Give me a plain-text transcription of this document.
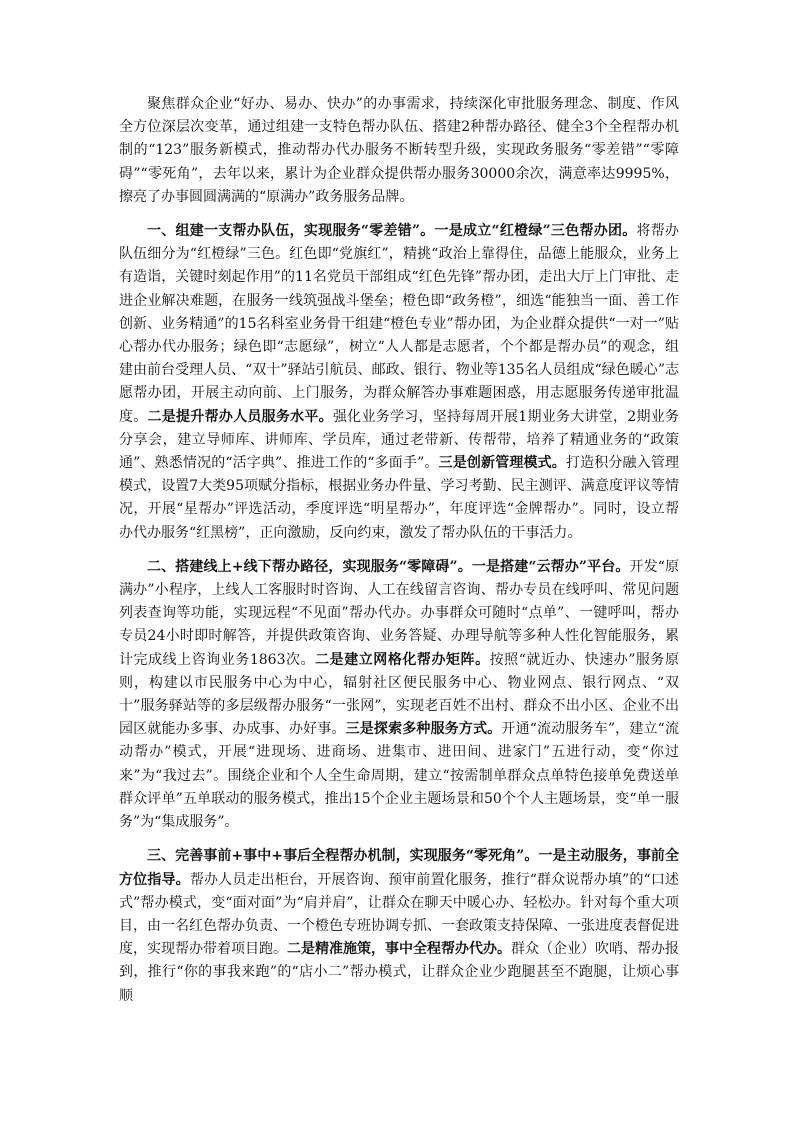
聚焦群众企业“好办、易办、快办”的办事需求，持续深化审批服务理念、制度、作风全方位深层次变革，通过组建一支特色帮办队伍、搭建2种帮办路径、健全3个全程帮办机制的“123”服务新模式，推动帮办代办服务不断转型升级，实现政务服务“零差错”“零障碍”“零死角”，去年以来，累计为企业群众提供帮办服务30000余次，满意率达9995%，擦亮了办事圆圆满满的“原满办”政务服务品牌。

一、组建一支帮办队伍，实现服务“零差错”。一是成立“红橙绿”三色帮办团。将帮办队伍细分为“红橙绿”三色。红色即“党旗红”，精挑“政治上靠得住，品德上能服众，业务上有造诣，关键时刻起作用”的11名党员干部组成“红色先锋”帮办团，走出大厅上门审批、走进企业解决难题，在服务一线筑强战斗堡垒；橙色即“政务橙”，细选“能独当一面、善工作创新、业务精通”的15名科室业务骨干组建“橙色专业”帮办团，为企业群众提供“一对一”贴心帮办代办服务；绿色即“志愿绿”，树立“人人都是志愿者，个个都是帮办员”的观念，组建由前台受理人员、“双十”驿站引航员、邮政、银行、物业等135名人员组成“绿色暖心”志愿帮办团，开展主动向前、上门服务，为群众解答办事难题困惑，用志愿服务传递审批温度。二是提升帮办人员服务水平。强化业务学习，坚持每周开展1期业务大讲堂，2期业务分享会，建立导师库、讲师库、学员库，通过老带新、传帮带，培养了精通业务的“政策通”、熟悉情况的“活字典”、推进工作的“多面手”。三是创新管理模式。打造积分融入管理模式，设置7大类95项赋分指标，根据业务办件量、学习考勤、民主测评、满意度评议等情况，开展“星帮办”评选活动，季度评选“明星帮办”，年度评选“金牌帮办”。同时，设立帮办代办服务“红黑榜”，正向激励，反向约束，激发了帮办队伍的干事活力。

二、搭建线上+线下帮办路径，实现服务“零障碍”。一是搭建“云帮办”平台。开发“原满办”小程序，上线人工客服时时咨询、人工在线留言咨询、帮办专员在线呼叫、常见问题列表查询等功能，实现远程“不见面”帮办代办。办事群众可随时“点单”、一键呼叫，帮办专员24小时即时解答，并提供政策咨询、业务答疑、办理导航等多种人性化智能服务，累计完成线上咨询业务1863次。二是建立网格化帮办矩阵。按照“就近办、快速办”服务原则，构建以市民服务中心为中心，辐射社区便民服务中心、物业网点、银行网点、“双十”服务驿站等的多层级帮办服务“一张网”，实现老百姓不出村、群众不出小区、企业不出园区就能办多事、办成事、办好事。三是探索多种服务方式。开通“流动服务车”，建立“流动帮办”模式，开展“进现场、进商场、进集市、进田间、进家门”五进行动，变“你过来”为“我过去”。围绕企业和个人全生命周期，建立“按需制单群众点单特色接单免费送单群众评单”五单联动的服务模式，推出15个企业主题场景和50个个人主题场景，变“单一服务”为“集成服务”。

三、完善事前+事中+事后全程帮办机制，实现服务“零死角”。一是主动服务，事前全方位指导。帮办人员走出柜台，开展咨询、预审前置化服务，推行“群众说帮办填”的“口述式”帮办模式，变“面对面”为“肩并肩”，让群众在聊天中暖心办、轻松办。针对每个重大项目，由一名红色帮办负责、一个橙色专班协调专抓、一套政策支持保障、一张进度表督促进度，实现帮办带着项目跑。二是精准施策，事中全程帮办代办。群众（企业）吹哨、帮办报到，推行“你的事我来跑”的“店小二”帮办模式，让群众企业少跑腿甚至不跑腿，让烦心事顺
